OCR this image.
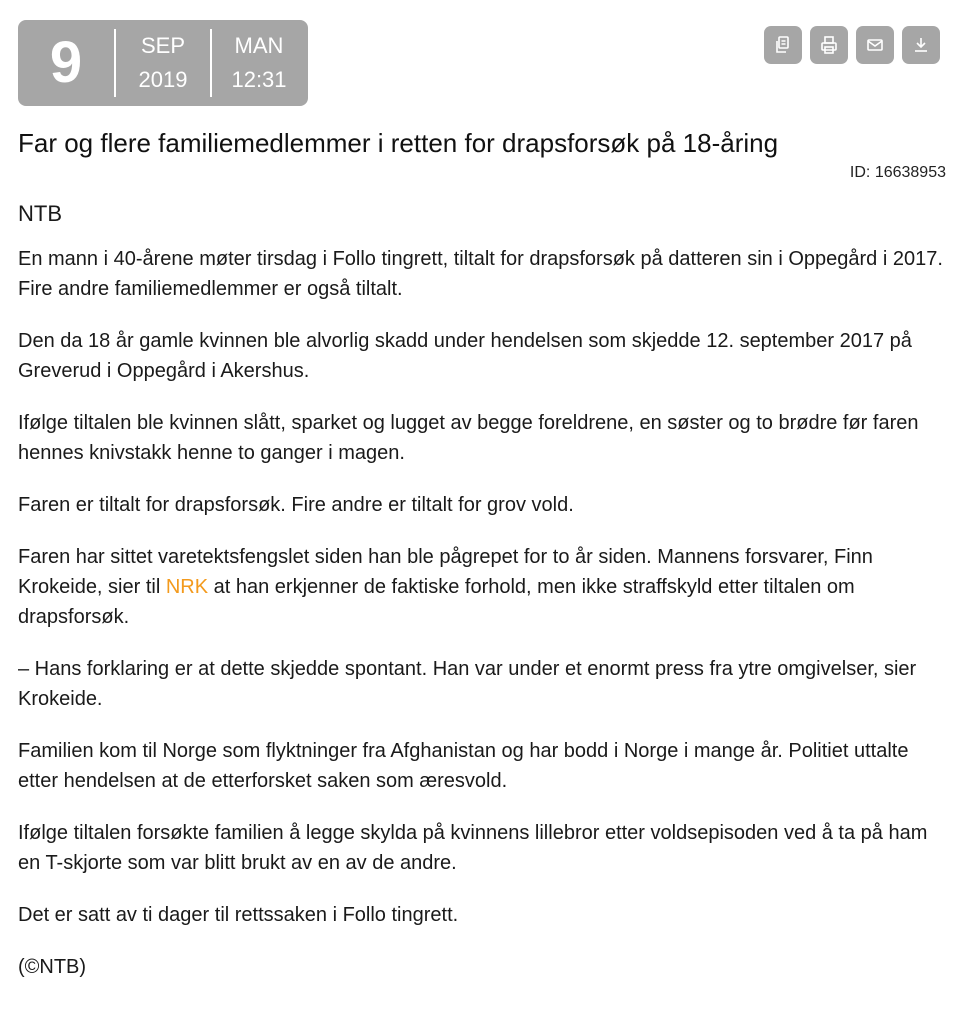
9	SEP
2019
MAN
12:31
Far og flere familiemedlemmer i retten for drapsforsøk på 18-åring
ID: 16638953
NTB

En mann i 40-årene møter tirsdag i Follo tingrett, tiltalt for drapsforsøk på datteren sin i Oppegård i 2017. Fire andre familiemedlemmer er også tiltalt.

Den da 18 år gamle kvinnen ble alvorlig skadd under hendelsen som skjedde 12. september 2017 på Greverud i Oppegård i Akershus.

Ifølge tiltalen ble kvinnen slått, sparket og lugget av begge foreldrene, en søster og to brødre før faren hennes knivstakk henne to ganger i magen.

Faren er tiltalt for drapsforsøk. Fire andre er tiltalt for grov vold.

Faren har sittet varetektsfengslet siden han ble pågrepet for to år siden. Mannens forsvarer, Finn Krokeide, sier til NRK at han erkjenner de faktiske forhold, men ikke straffskyld etter tiltalen om drapsforsøk.

– Hans forklaring er at dette skjedde spontant. Han var under et enormt press fra ytre omgivelser, sier Krokeide.

Familien kom til Norge som flyktninger fra Afghanistan og har bodd i Norge i mange år. Politiet uttalte etter hendelsen at de etterforsket saken som æresvold.

Ifølge tiltalen forsøkte familien å legge skylda på kvinnens lillebror etter voldsepisoden ved å ta på ham en T-skjorte som var blitt brukt av en av de andre.

Det er satt av ti dager til rettssaken i Follo tingrett.

(©NTB)
